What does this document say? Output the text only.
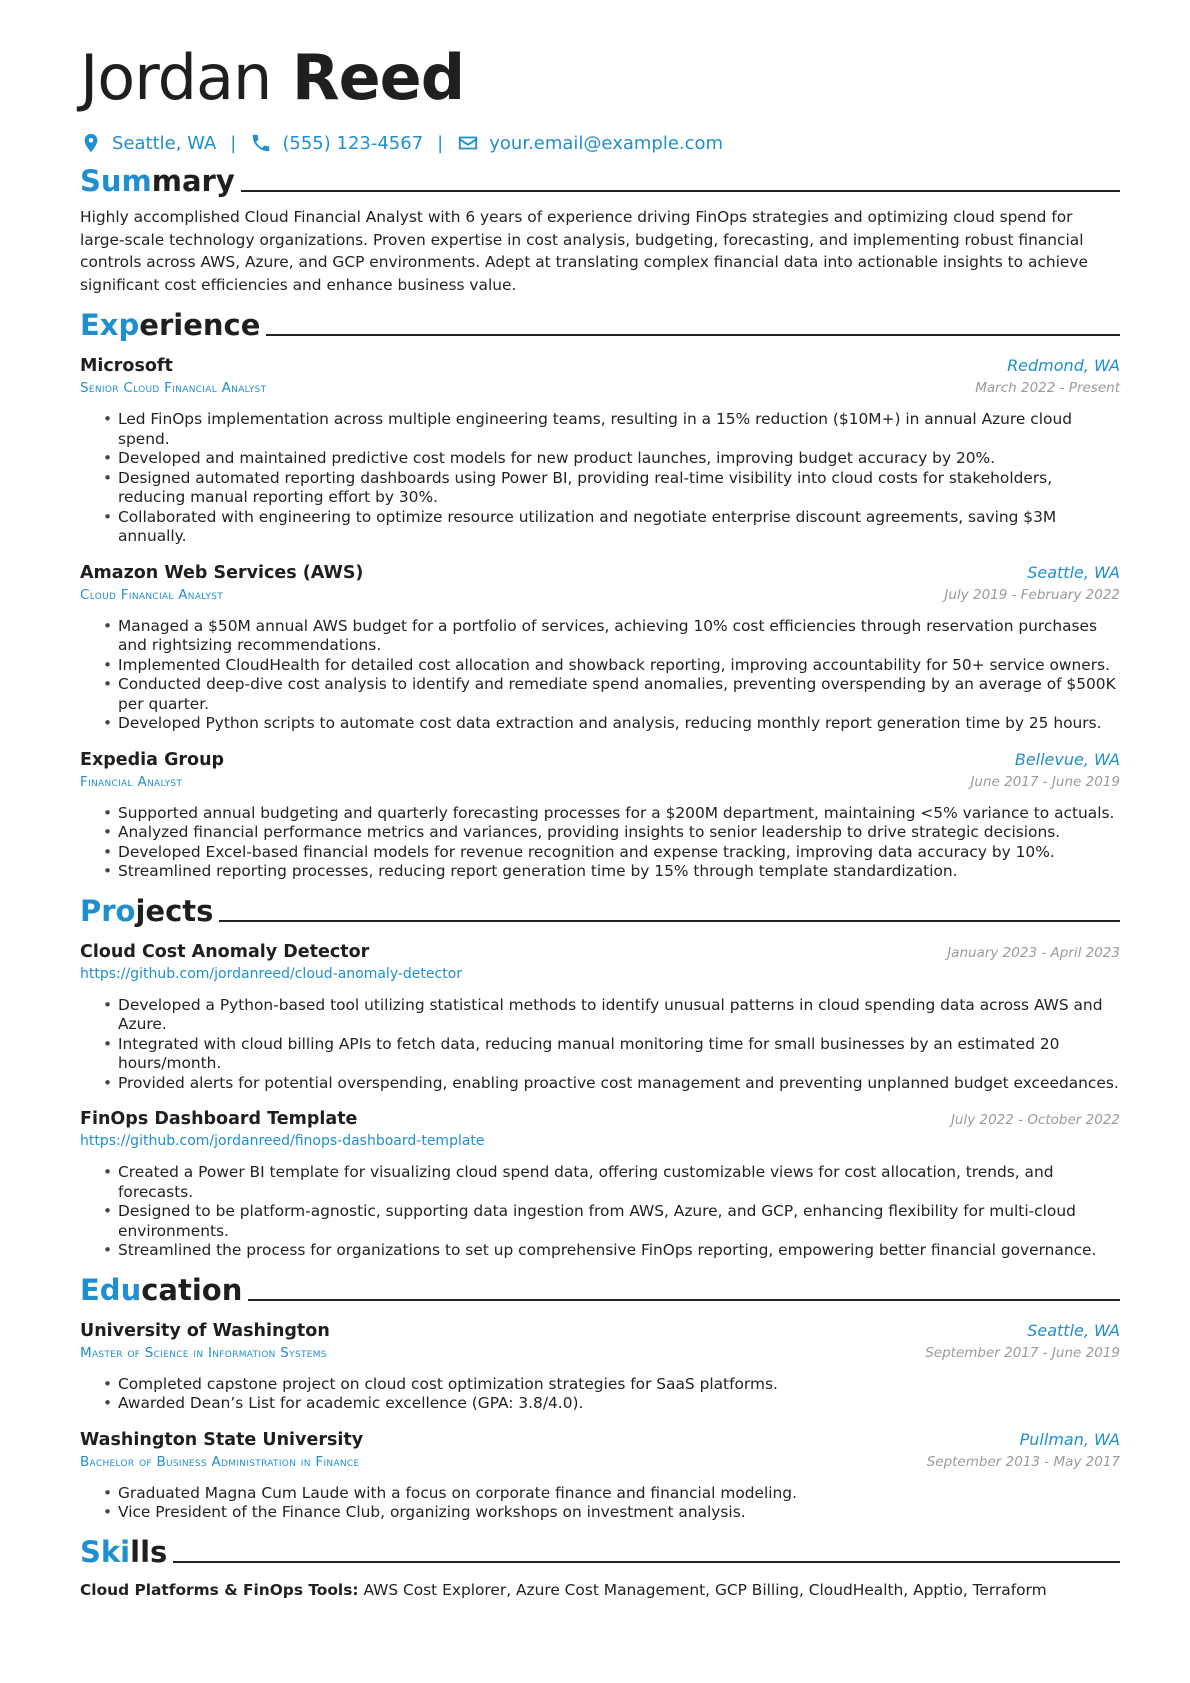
Jordan Reed
Seattle, WA |	(555) 123-4567 |	your.email@example.com
Summary

Highly accomplished Cloud Financial Analyst with 6 years of experience driving FinOps strategies and optimizing cloud spend for large-scale technology organizations. Proven expertise in cost analysis, budgeting, forecasting, and implementing robust financial controls across AWS, Azure, and GCP environments. Adept at translating complex financial data into actionable insights to achieve significant cost efficiencies and enhance business value.

Experience
Microsoft	Redmond, WA
Senior Cloud Financial Analyst	March 2022 - Present
• Led FinOps implementation across multiple engineering teams, resulting in a 15% reduction ($10M+) in annual Azure cloud spend.
• Developed and maintained predictive cost models for new product launches, improving budget accuracy by 20%.
• Designed automated reporting dashboards using Power BI, providing real-time visibility into cloud costs for stakeholders, reducing manual reporting effort by 30%.
• Collaborated with engineering to optimize resource utilization and negotiate enterprise discount agreements, saving $3M annually.
Amazon Web Services (AWS)	Seattle, WA
Cloud Financial Analyst	July 2019 - February 2022
• Managed a $50M annual AWS budget for a portfolio of services, achieving 10% cost efficiencies through reservation purchases and rightsizing recommendations.
• Implemented CloudHealth for detailed cost allocation and showback reporting, improving accountability for 50+ service owners.
• Conducted deep-dive cost analysis to identify and remediate spend anomalies, preventing overspending by an average of $500K per quarter.
• Developed Python scripts to automate cost data extraction and analysis, reducing monthly report generation time by 25 hours.
Expedia Group	Bellevue, WA
Financial Analyst	June 2017 - June 2019
• Supported annual budgeting and quarterly forecasting processes for a $200M department, maintaining <5% variance to actuals.
• Analyzed financial performance metrics and variances, providing insights to senior leadership to drive strategic decisions.
• Developed Excel-based financial models for revenue recognition and expense tracking, improving data accuracy by 10%.
• Streamlined reporting processes, reducing report generation time by 15% through template standardization.
Projects
Cloud Cost Anomaly Detector	January 2023 - April 2023
https://github.com/jordanreed/cloud-anomaly-detector
• Developed a Python-based tool utilizing statistical methods to identify unusual patterns in cloud spending data across AWS and Azure.
• Integrated with cloud billing APIs to fetch data, reducing manual monitoring time for small businesses by an estimated 20 hours/month.
• Provided alerts for potential overspending, enabling proactive cost management and preventing unplanned budget exceedances.
FinOps Dashboard Template	July 2022 - October 2022
https://github.com/jordanreed/finops-dashboard-template
• Created a Power BI template for visualizing cloud spend data, offering customizable views for cost allocation, trends, and forecasts.
• Designed to be platform-agnostic, supporting data ingestion from AWS, Azure, and GCP, enhancing flexibility for multi-cloud environments.
• Streamlined the process for organizations to set up comprehensive FinOps reporting, empowering better financial governance.
Education
University of Washington	Seattle, WA
Master of Science in Information Systems	September 2017 - June 2019
• Completed capstone project on cloud cost optimization strategies for SaaS platforms.
• Awarded Dean’s List for academic excellence (GPA: 3.8/4.0).
Washington State University	Pullman, WA
Bachelor of Business Administration in Finance	September 2013 - May 2017
• Graduated Magna Cum Laude with a focus on corporate finance and financial modeling.
• Vice President of the Finance Club, organizing workshops on investment analysis.
Skills
Cloud Platforms & FinOps Tools: AWS Cost Explorer, Azure Cost Management, GCP Billing, CloudHealth, Apptio, Terraform
